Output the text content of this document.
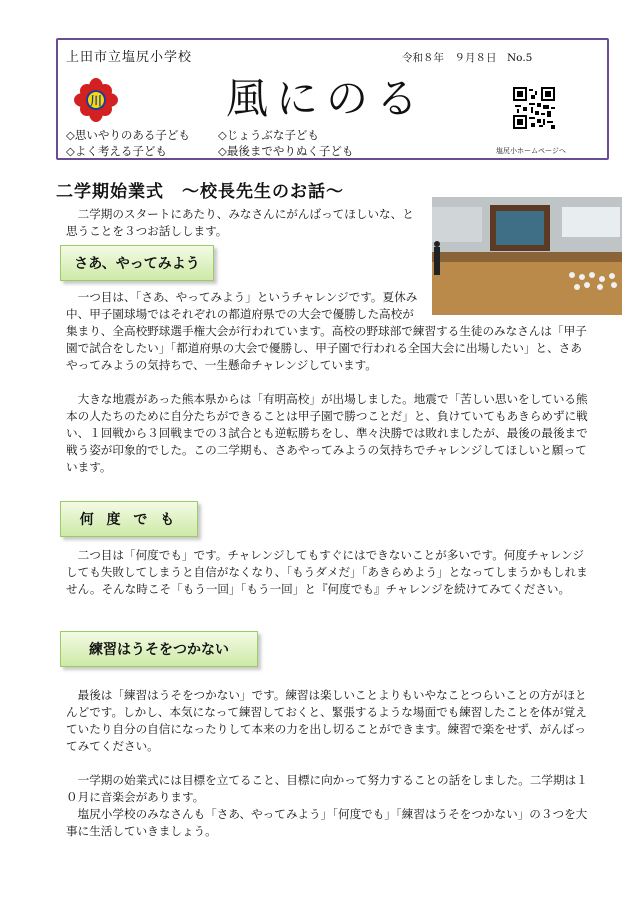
上田市立塩尻小学校	令和８年　９月８日　No.5
風にのる
川
◇思いやりのある子ども ◇じょうぶな子ども
◇よく考える子ども	◇最後までやりぬく子ども	塩尻小ホームページへ
二学期始業式　～校長先生のお話～

　二学期のスタートにあたり、みなさんにがんばってほしいな、と思うことを３つお話しします。

さあ、やってみよう

　一つ目は、「さあ、やってみよう」というチャレンジです。夏休み中、甲子園球場ではそれぞれの都道府県での大会で優勝した高校が集まり、全高校野球選手権大会が行われています。高校の野球部で練習する生徒のみなさんは「甲子園で試合をしたい」「都道府県の大会で優勝し、甲子園で行われる全国大会に出場したい」と、さあやってみようの気持ちで、一生懸命チャレンジしています。

　大きな地震があった熊本県からは「有明高校」が出場しました。地震で「苦しい思いをしている熊本の人たちのために自分たちができることは甲子園で勝つことだ」と、負けていてもあきらめずに戦い、１回戦から３回戦までの３試合とも逆転勝ちをし、準々決勝では敗れましたが、最後の最後まで戦う姿が印象的でした。この二学期も、さあやってみようの気持ちでチャレンジしてほしいと願っています。

何 度 で も

　二つ目は「何度でも」です。チャレンジしてもすぐにはできないことが多いです。何度チャレンジしても失敗してしまうと自信がなくなり、「もうダメだ」「あきらめよう」となってしまうかもしれません。そんな時こそ「もう一回」「もう一回」と『何度でも』チャレンジを続けてみてください。

練習はうそをつかない

　最後は「練習はうそをつかない」です。練習は楽しいことよりもいやなことつらいことの方がほとんどです。しかし、本気になって練習しておくと、緊張するような場面でも練習したことを体が覚えていたり自分の自信になったりして本来の力を出し切ることができます。練習で楽をせず、がんばってみてください。

　一学期の始業式には目標を立てること、目標に向かって努力することの話をしました。二学期は１０月に音楽会があります。

　塩尻小学校のみなさんも「さあ、やってみよう」「何度でも」「練習はうそをつかない」の３つを大事に生活していきましょう。
